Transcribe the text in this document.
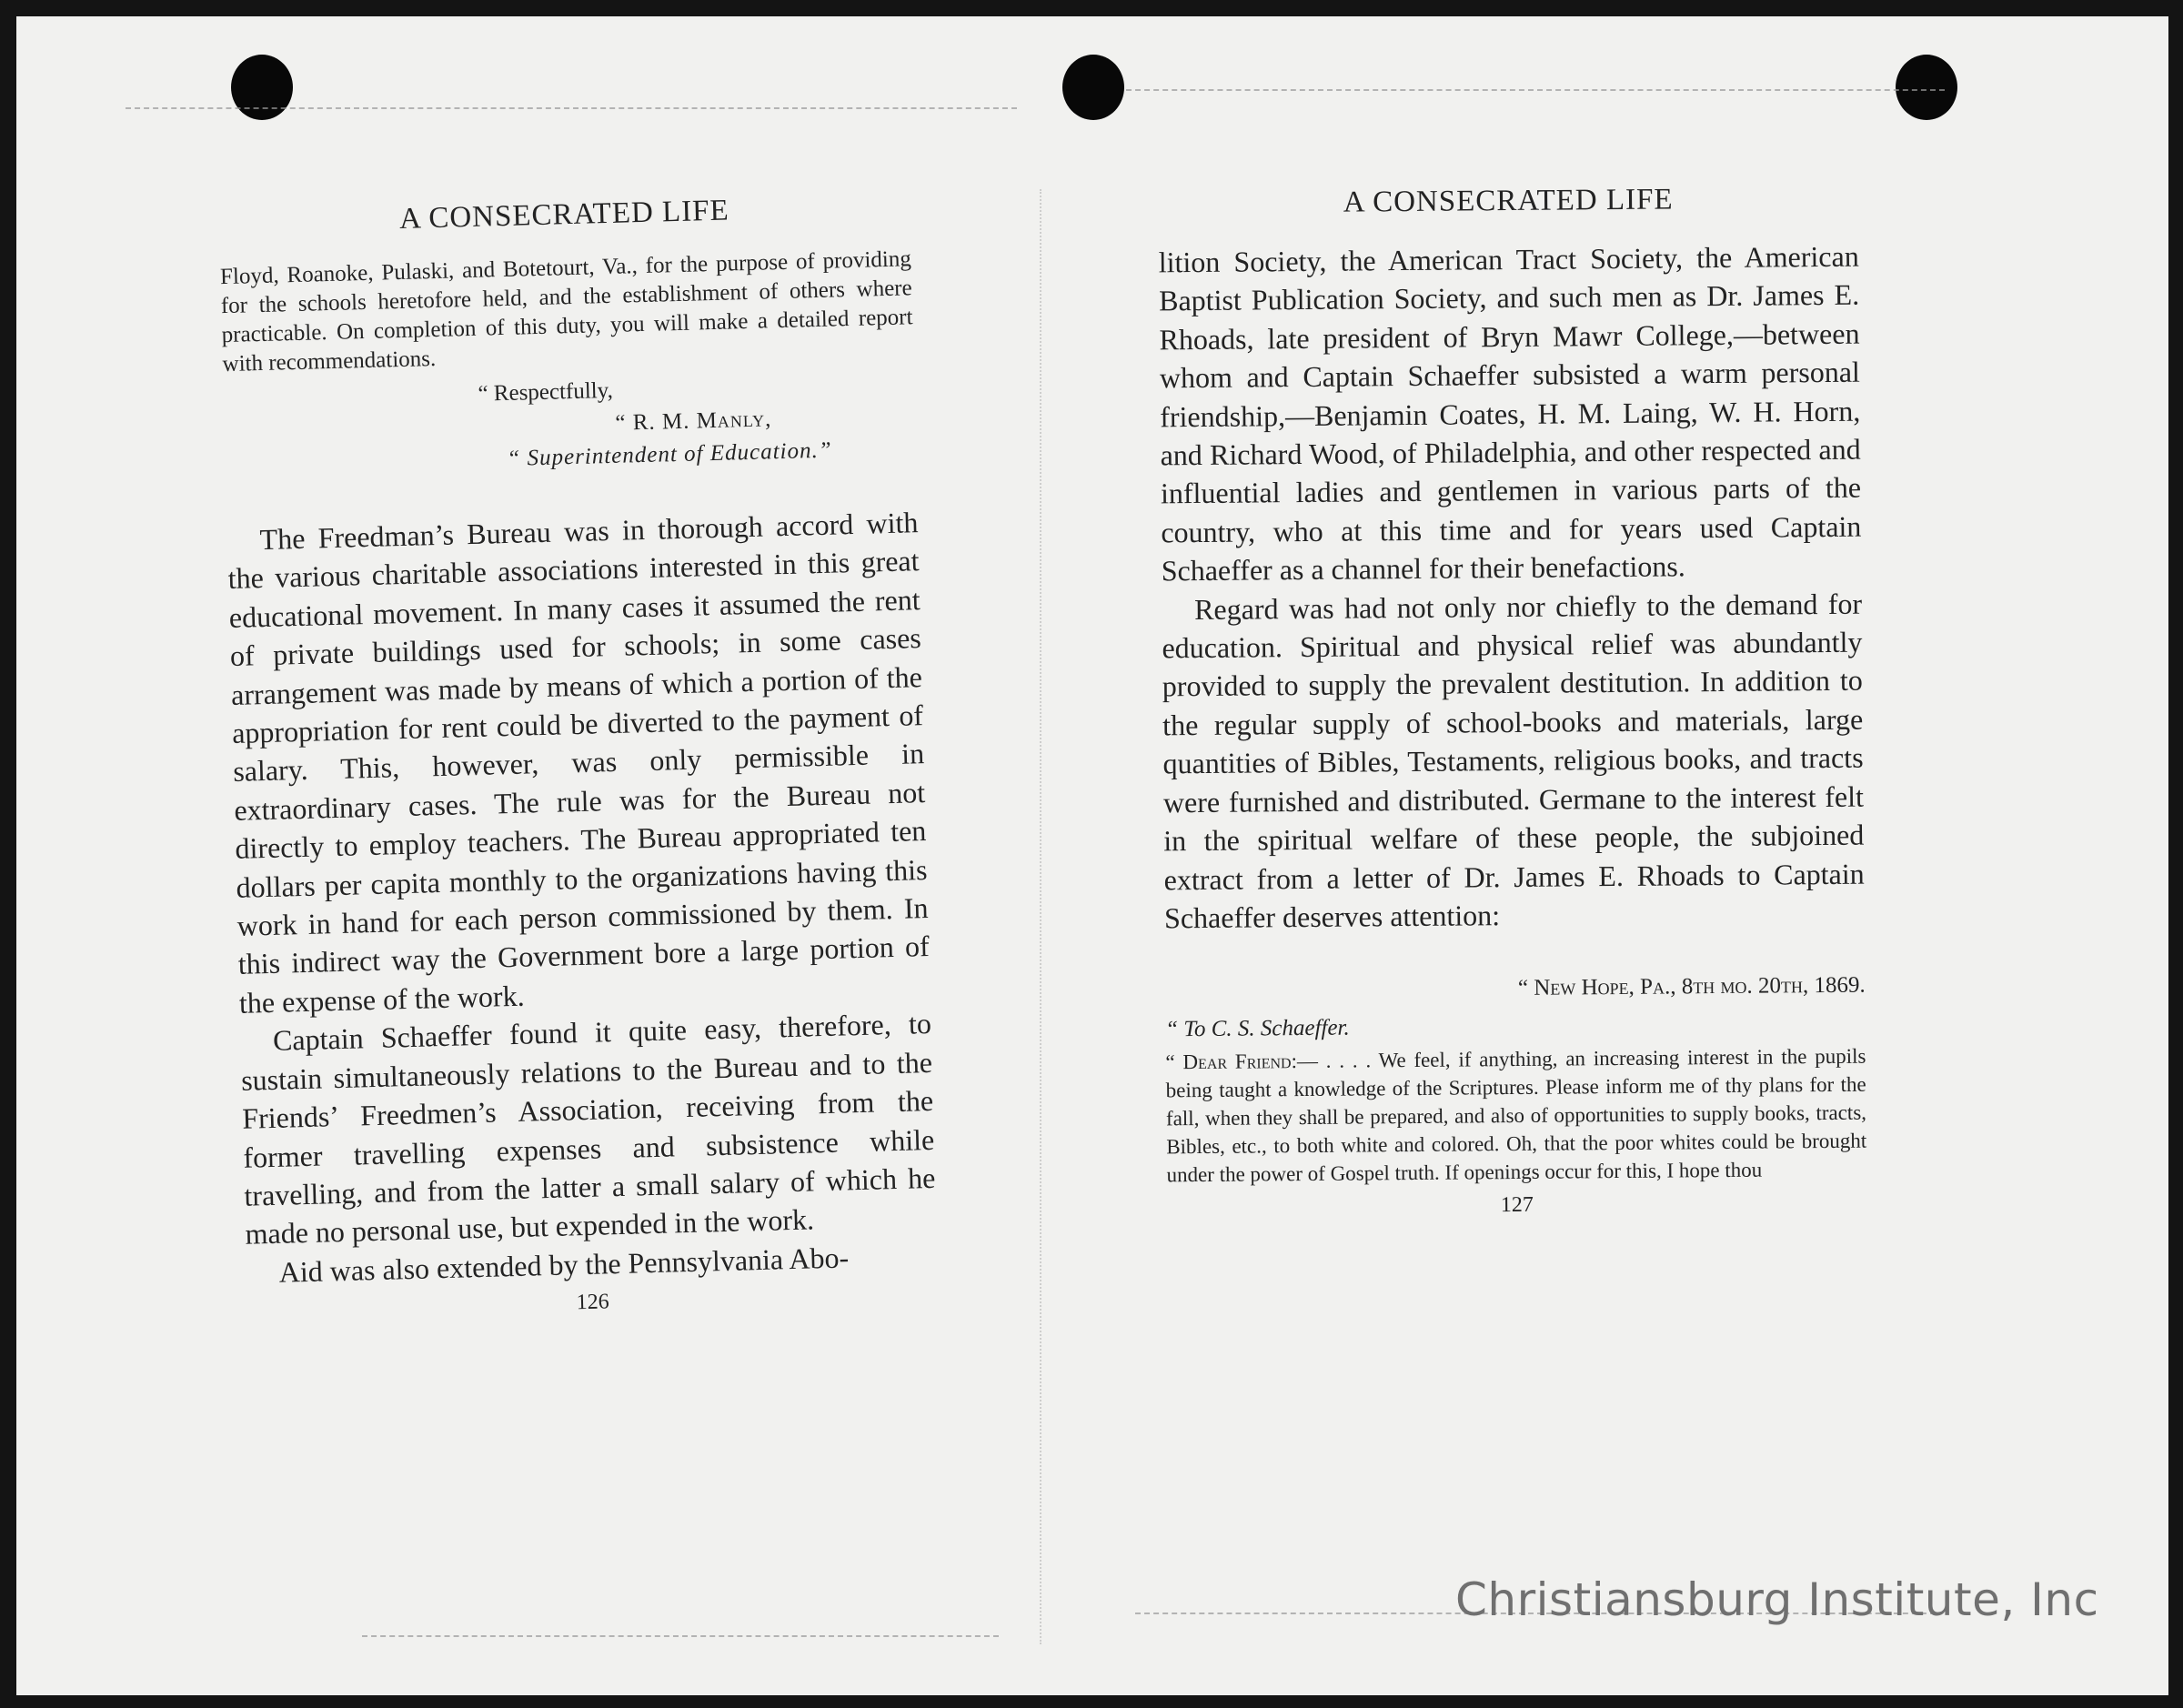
A CONSECRATED LIFE
Floyd, Roanoke, Pulaski, and Botetourt, Va., for the purpose of providing for the schools heretofore held, and the establishment of others where practicable. On completion of this duty, you will make a detailed report with recommendations.
“ Respectfully,
“ R. M. Manly,
“ Superintendent of Education.”

The Freedman’s Bureau was in thorough accord with the various charitable associations interested in this great educational movement. In many cases it assumed the rent of private buildings used for schools; in some cases arrangement was made by means of which a portion of the appropriation for rent could be diverted to the payment of salary. This, however, was only permissible in extraordinary cases. The rule was for the Bureau not directly to employ teachers. The Bureau appropriated ten dollars per capita monthly to the organizations having this work in hand for each person commissioned by them. In this indirect way the Government bore a large portion of the expense of the work.

Captain Schaeffer found it quite easy, therefore, to sustain simultaneously relations to the Bureau and to the Friends’ Freedmen’s Association, receiving from the former travelling expenses and subsistence while travelling, and from the latter a small salary of which he made no personal use, but expended in the work.

Aid was also extended by the Pennsylvania Abo-

126
A CONSECRATED LIFE

lition Society, the American Tract Society, the American Baptist Publication Society, and such men as Dr. James E. Rhoads, late president of Bryn Mawr College,—between whom and Captain Schaeffer subsisted a warm personal friendship,—Benjamin Coates, H. M. Laing, W. H. Horn, and Richard Wood, of Philadelphia, and other respected and influential ladies and gentlemen in various parts of the country, who at this time and for years used Captain Schaeffer as a channel for their benefactions.

Regard was had not only nor chiefly to the demand for education. Spiritual and physical relief was abundantly provided to supply the prevalent destitution. In addition to the regular supply of school-books and materials, large quantities of Bibles, Testaments, religious books, and tracts were furnished and distributed. Germane to the interest felt in the spiritual welfare of these people, the subjoined extract from a letter of Dr. James E. Rhoads to Captain Schaeffer deserves attention:

“ New Hope, Pa., 8th mo. 20th, 1869.
“ To C. S. Schaeffer.
“ Dear Friend:— . . . . We feel, if anything, an increasing interest in the pupils being taught a knowledge of the Scriptures. Please inform me of thy plans for the fall, when they shall be prepared, and also of opportunities to supply books, tracts, Bibles, etc., to both white and colored. Oh, that the poor whites could be brought under the power of Gospel truth. If openings occur for this, I hope thou
127
Christiansburg Institute, Inc
